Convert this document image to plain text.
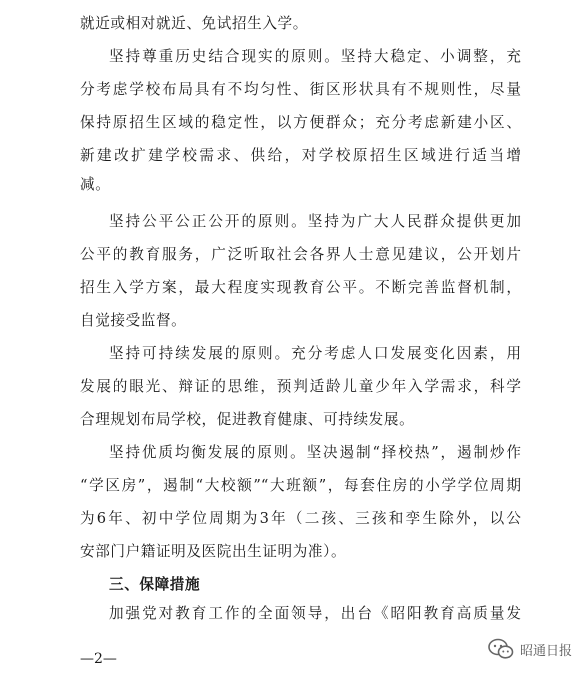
就近或相对就近、免试招生入学。
坚持尊重历史结合现实的原则。坚持大稳定、小调整，充
分考虑学校布局具有不均匀性、街区形状具有不规则性，尽量
保持原招生区域的稳定性，以方便群众；充分考虑新建小区、
新建改扩建学校需求、供给，对学校原招生区域进行适当增
减。
坚持公平公正公开的原则。坚持为广大人民群众提供更加
公平的教育服务，广泛听取社会各界人士意见建议，公开划片
招生入学方案，最大程度实现教育公平。不断完善监督机制，
自觉接受监督。
坚持可持续发展的原则。充分考虑人口发展变化因素，用
发展的眼光、辩证的思维，预判适龄儿童少年入学需求，科学
合理规划布局学校，促进教育健康、可持续发展。
坚持优质均衡发展的原则。坚决遏制“择校热”，遏制炒作
“学区房”，遏制“大校额”“大班额”，每套住房的小学学位周期
为6年、初中学位周期为3年（二孩、三孩和孪生除外，以公
安部门户籍证明及医院出生证明为准）。
三、保障措施
加强党对教育工作的全面领导，出台《昭阳教育高质量发
—2—	昭通日报
